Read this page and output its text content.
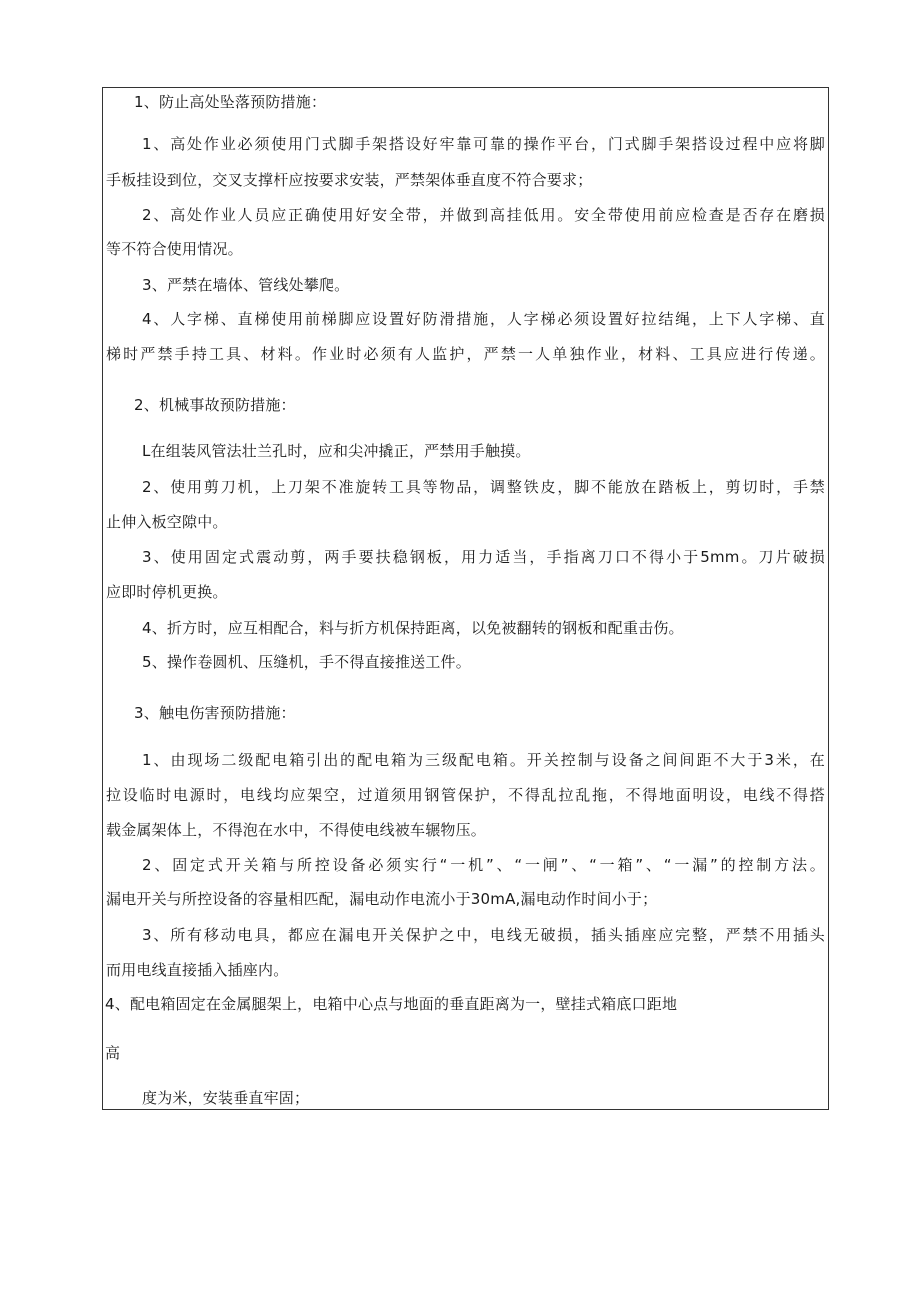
1、防止高处坠落预防措施：
1、高处作业必须使用门式脚手架搭设好牢靠可靠的操作平台，门式脚手架搭设过程中应将脚
手板挂设到位，交叉支撑杆应按要求安装，严禁架体垂直度不符合要求；
2、高处作业人员应正确使用好安全带，并做到高挂低用。安全带使用前应检查是否存在磨损
等不符合使用情况。
3、严禁在墙体、管线处攀爬。
4、人字梯、直梯使用前梯脚应设置好防滑措施，人字梯必须设置好拉结绳，上下人字梯、直
梯时严禁手持工具、材料。作业时必须有人监护，严禁一人单独作业，材料、工具应进行传递。
2、机械事故预防措施：
L在组装风管法壮兰孔时，应和尖冲撬正，严禁用手触摸。
2、使用剪刀机，上刀架不准旋转工具等物品，调整铁皮，脚不能放在踏板上，剪切时，手禁
止伸入板空隙中。
3、使用固定式震动剪，两手要扶稳钢板，用力适当，手指离刀口不得小于5mm。刀片破损
应即时停机更换。
4、折方时，应互相配合，料与折方机保持距离，以免被翻转的钢板和配重击伤。
5、操作卷圆机、压缝机，手不得直接推送工件。
3、触电伤害预防措施：
1、由现场二级配电箱引出的配电箱为三级配电箱。开关控制与设备之间间距不大于3米，在
拉设临时电源时，电线均应架空，过道须用钢管保护，不得乱拉乱拖，不得地面明设，电线不得搭
载金属架体上，不得泡在水中，不得使电线被车辗物压。
2、固定式开关箱与所控设备必须实行“一机”、“一闸”、“一箱”、“一漏”的控制方法。
漏电开关与所控设备的容量相匹配，漏电动作电流小于30mA,漏电动作时间小于；
3、所有移动电具，都应在漏电开关保护之中，电线无破损，插头插座应完整，严禁不用插头
而用电线直接插入插座内。
4、配电箱固定在金属腿架上，电箱中心点与地面的垂直距离为一，壁挂式箱底口距地
高
度为米，安装垂直牢固；
